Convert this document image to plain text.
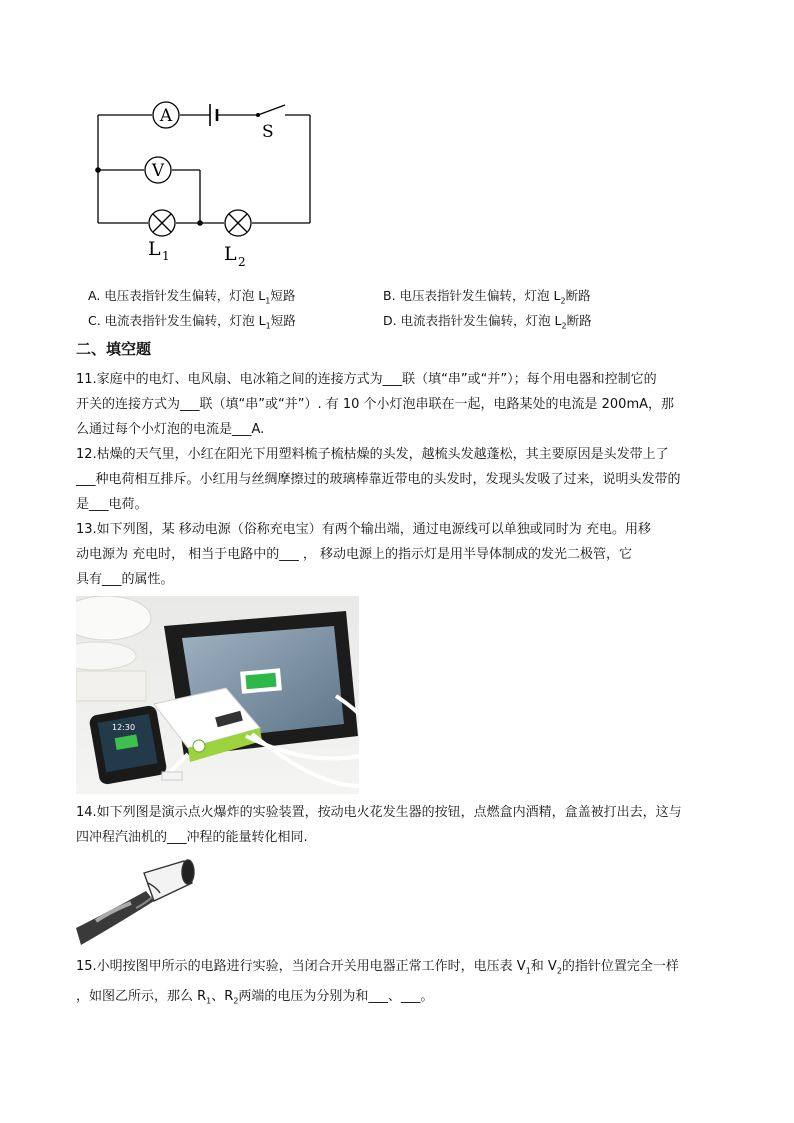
A
V
S
L 1	L 2
A. 电压表指针发生偏转，灯泡 $L_1$短路	B. 电压表指针发生偏转，灯泡 $L_2$断路
C. 电流表指针发生偏转，灯泡 $L_1$短路	D. 电流表指针发生偏转，灯泡 $L_2$断路
二、填空题
11.家庭中的电灯、电风扇、电冰箱之间的连接方式为___联（填“串”或“并”）；每个用电器和控制它的
开关的连接方式为___联（填“串”或“并”）. 有 10 个小灯泡串联在一起，电路某处的电流是 200mA，那
么通过每个小灯泡的电流是___A.
12.枯燥的天气里，小红在阳光下用塑料梳子梳枯燥的头发，越梳头发越蓬松，其主要原因是头发带上了
___种电荷相互排斥。小红用与丝绸摩擦过的玻璃棒靠近带电的头发时，发现头发吸了过来，说明头发带的
是___电荷。
13.如下列图，某 移动电源（俗称充电宝）有两个输出端，通过电源线可以单独或同时为 充电。用移
动电源为 充电时， 相当于电路中的___ ， 移动电源上的指示灯是用半导体制成的发光二极管，它
具有___的属性。
12:30
14.如下列图是演示点火爆炸的实验装置，按动电火花发生器的按钮，点燃盒内酒精，盒盖被打出去，这与
四冲程汽油机的___冲程的能量转化相同.
15.小明按图甲所示的电路进行实验，当闭合开关用电器正常工作时，电压表 $V_1$和 $V_2$的指针位置完全一样
，如图乙所示，那么 $R_1$、$R_2$两端的电压为分别为和___、___。
